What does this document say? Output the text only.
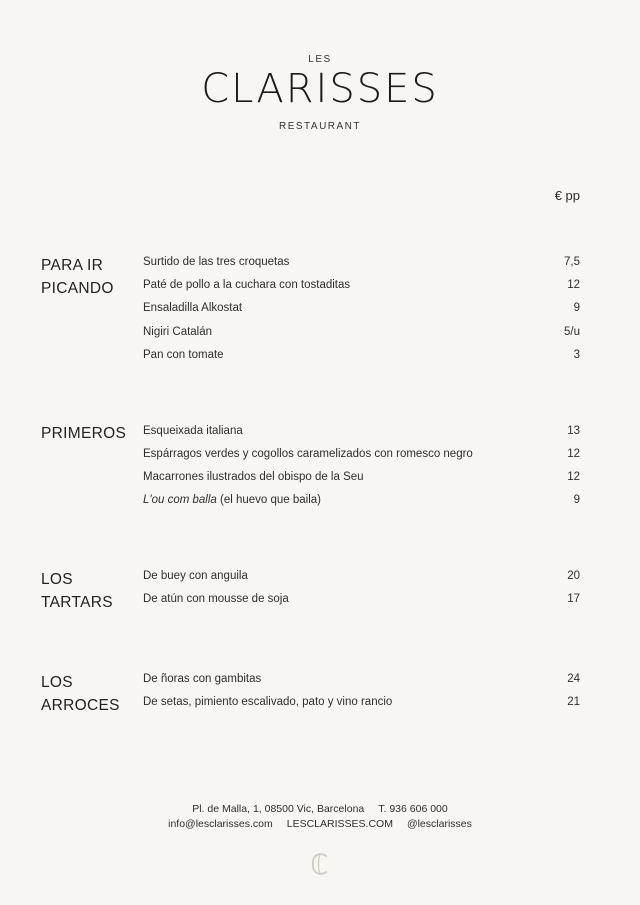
LES
CLARISSES
RESTAURANT
€ pp
PARA IR
PICANDO
Surtido de las tres croquetas	7,5
Paté de pollo a la cuchara con tostaditas	12
Ensaladilla Alkostat	9
Nigiri Catalán	5/u
Pan con tomate	3
PRIMEROS	Esqueixada italiana	13
Espárragos verdes y cogollos caramelizados con romesco negro	12
Macarrones ilustrados del obispo de la Seu	12
L'ou com balla (el huevo que baila)	9
LOS
TARTARS
De buey con anguila	20
De atún con mousse de soja	17
LOS
ARROCES
De ñoras con gambitas	24
De setas, pimiento escalivado, pato y vino rancio	21
Pl. de Malla, 1, 08500 Vic, Barcelona T. 936 606 000
info@lesclarisses.com LESCLARISSES.COM @lesclarisses
